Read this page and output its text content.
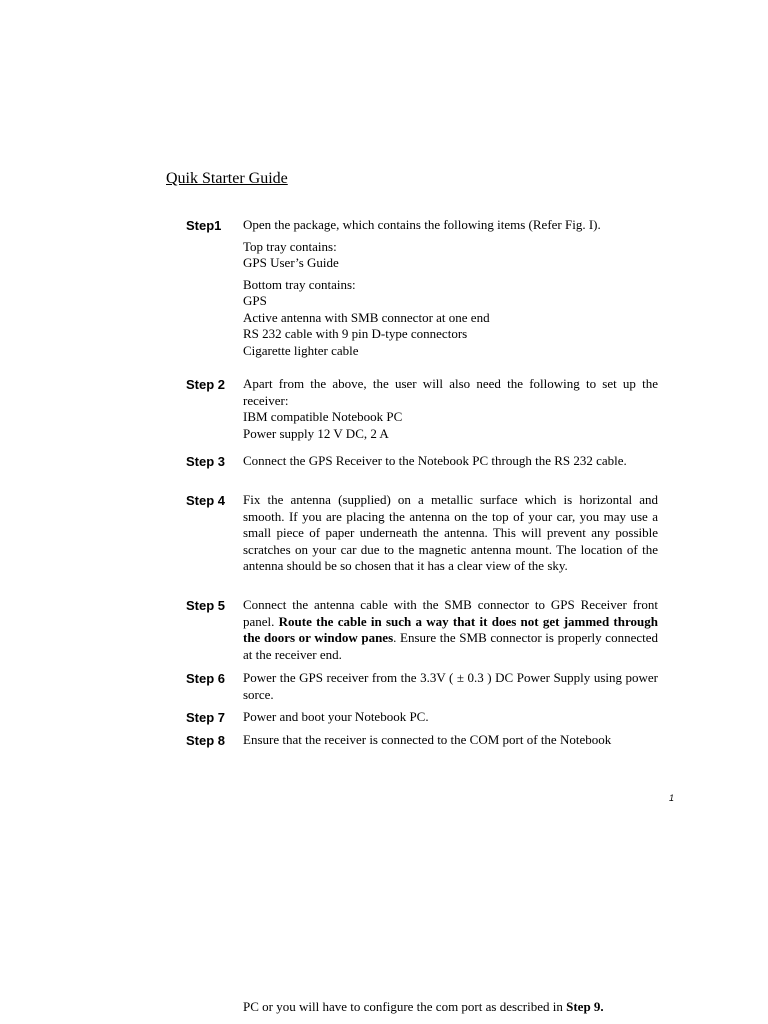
Quik Starter Guide
Step1 Open the package, which contains the following items (Refer Fig. I).

Top tray contains:

GPS User’s Guide

Bottom tray contains:

GPS
Active antenna with SMB connector at one end
RS 232 cable with 9 pin D-type connectors
Cigarette lighter cable
Step 2 Apart from the above, the user will also need the following to set up the receiver:

IBM compatible Notebook PC
Power supply 12 V DC, 2 A
Step 3 Connect the GPS Receiver to the Notebook PC through the RS 232 cable.

Step 4 Fix the antenna (supplied) on a metallic surface which is horizontal and smooth. If you are placing the antenna on the top of your car, you may use a small piece of paper underneath the antenna. This will prevent any possible scratches on your car due to the magnetic antenna mount. The location of the antenna should be so chosen that it has a clear view of the sky.

Step 5 Connect the antenna cable with the SMB connector to GPS Receiver front panel. Route the cable in such a way that it does not get jammed through the doors or window panes. Ensure the SMB connector is properly connected at the receiver end.

Step 6 Power the GPS receiver from the 3.3V ( ± 0.3 ) DC Power Supply using power sorce.

Step 7 Power and boot your Notebook PC.

Step 8 Ensure that the receiver is connected to the COM port of the Notebook

1
PC or you will have to configure the com port as described in Step 9.
